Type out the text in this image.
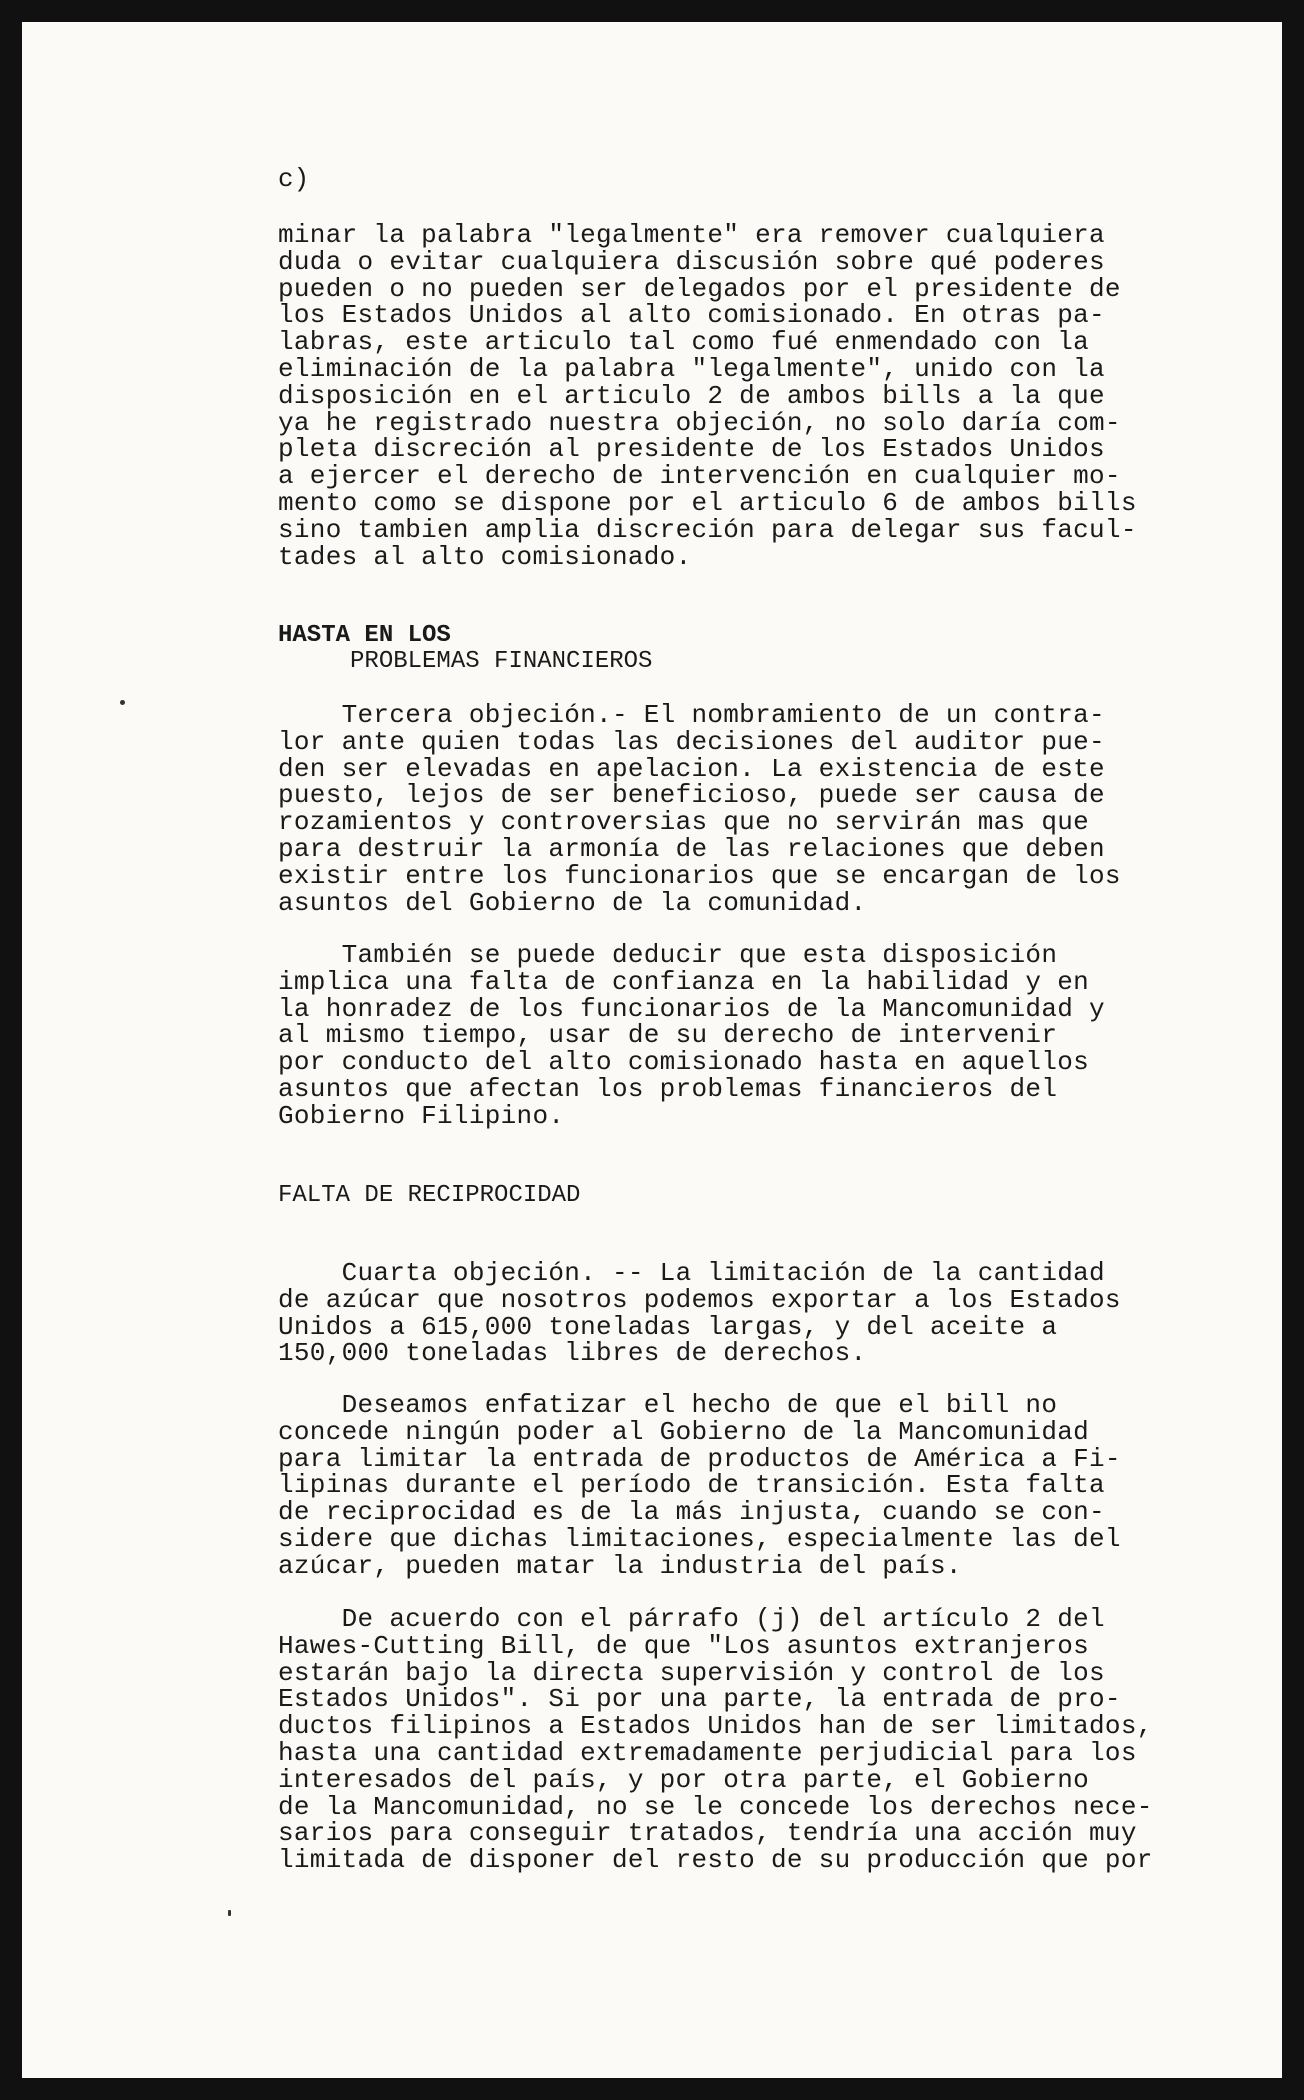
c)
minar la palabra "legalmente" era remover cualquiera
duda o evitar cualquiera discusión sobre qué poderes
pueden o no pueden ser delegados por el presidente de
los Estados Unidos al alto comisionado. En otras pa-
labras, este articulo tal como fué enmendado con la
eliminación de la palabra "legalmente", unido con la
disposición en el articulo 2 de ambos bills a la que
ya he registrado nuestra objeción, no solo daría com-
pleta discreción al presidente de los Estados Unidos
a ejercer el derecho de intervención en cualquier mo-
mento como se dispone por el articulo 6 de ambos bills
sino tambien amplia discreción para delegar sus facul-
tades al alto comisionado.
HASTA EN LOS
PROBLEMAS FINANCIEROS
Tercera objeción.- El nombramiento de un contra-
lor ante quien todas las decisiones del auditor pue-
den ser elevadas en apelacion. La existencia de este
puesto, lejos de ser beneficioso, puede ser causa de
rozamientos y controversias que no servirán mas que
para destruir la armonía de las relaciones que deben
existir entre los funcionarios que se encargan de los
asuntos del Gobierno de la comunidad.
También se puede deducir que esta disposición
implica una falta de confianza en la habilidad y en
la honradez de los funcionarios de la Mancomunidad y
al mismo tiempo, usar de su derecho de intervenir
por conducto del alto comisionado hasta en aquellos
asuntos que afectan los problemas financieros del
Gobierno Filipino.
FALTA DE RECIPROCIDAD
Cuarta objeción. -- La limitación de la cantidad
de azúcar que nosotros podemos exportar a los Estados
Unidos a 615,000 toneladas largas, y del aceite a
150,000 toneladas libres de derechos.
Deseamos enfatizar el hecho de que el bill no
concede ningún poder al Gobierno de la Mancomunidad
para limitar la entrada de productos de América a Fi-
lipinas durante el período de transición. Esta falta
de reciprocidad es de la más injusta, cuando se con-
sidere que dichas limitaciones, especialmente las del
azúcar, pueden matar la industria del país.
De acuerdo con el párrafo (j) del artículo 2 del
Hawes-Cutting Bill, de que "Los asuntos extranjeros
estarán bajo la directa supervisión y control de los
Estados Unidos". Si por una parte, la entrada de pro-
ductos filipinos a Estados Unidos han de ser limitados,
hasta una cantidad extremadamente perjudicial para los
interesados del país, y por otra parte, el Gobierno
de la Mancomunidad, no se le concede los derechos nece-
sarios para conseguir tratados, tendría una acción muy
limitada de disponer del resto de su producción que por
